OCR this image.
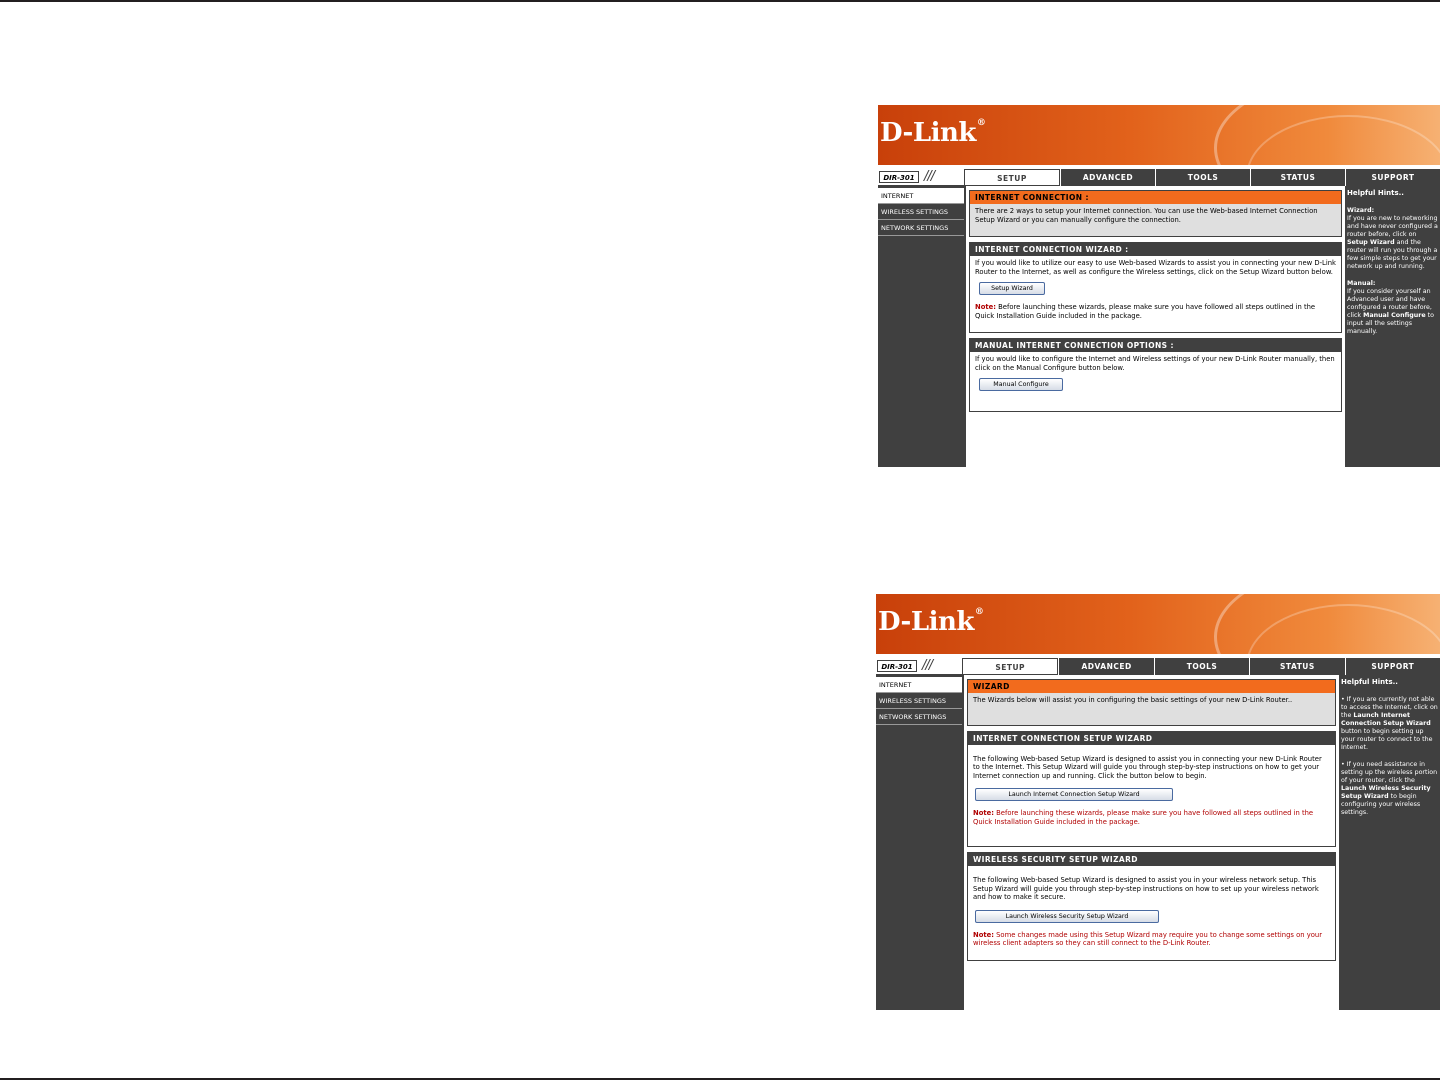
D-Link®
DIR-301 ///	SETUP	ADVANCED	TOOLS	STATUS	SUPPORT
INTERNET
WIRELESS SETTINGS
NETWORK SETTINGS
INTERNET CONNECTION :

There are 2 ways to setup your Internet connection. You can use the Web-based Internet Connection Setup Wizard or you can manually configure the connection.

INTERNET CONNECTION WIZARD :

If you would like to utilize our easy to use Web-based Wizards to assist you in connecting your new D-Link Router to the Internet, as well as configure the Wireless settings, click on the Setup Wizard button below.

Setup Wizard

Note: Before launching these wizards, please make sure you have followed all steps outlined in the Quick Installation Guide included in the package.

MANUAL INTERNET CONNECTION OPTIONS :

If you would like to configure the Internet and Wireless settings of your new D-Link Router manually, then click on the Manual Configure button below.

Manual Configure
Helpful Hints..

Wizard:
If you are new to networking and have never configured a router before, click on Setup Wizard and the router will run you through a few simple steps to get your network up and running.

Manual:
If you consider yourself an Advanced user and have configured a router before, click Manual Configure to input all the settings manually.

D-Link®
DIR-301 ///	SETUP	ADVANCED	TOOLS	STATUS	SUPPORT
INTERNET
WIRELESS SETTINGS
NETWORK SETTINGS
WIZARD

The Wizards below will assist you in configuring the basic settings of your new D-Link Router..

INTERNET CONNECTION SETUP WIZARD

The following Web-based Setup Wizard is designed to assist you in connecting your new D-Link Router to the Internet. This Setup Wizard will guide you through step-by-step instructions on how to get your Internet connection up and running. Click the button below to begin.

Launch Internet Connection Setup Wizard

Note: Before launching these wizards, please make sure you have followed all steps outlined in the Quick Installation Guide included in the package.

WIRELESS SECURITY SETUP WIZARD

The following Web-based Setup Wizard is designed to assist you in your wireless network setup. This Setup Wizard will guide you through step-by-step instructions on how to set up your wireless network and how to make it secure.

Launch Wireless Security Setup Wizard

Note: Some changes made using this Setup Wizard may require you to change some settings on your wireless client adapters so they can still connect to the D-Link Router.

Helpful Hints..

• If you are currently not able to access the Internet, click on the Launch Internet Connection Setup Wizard button to begin setting up your router to connect to the Internet.

• If you need assistance in setting up the wireless portion of your router, click the Launch Wireless Security Setup Wizard to begin configuring your wireless settings.
